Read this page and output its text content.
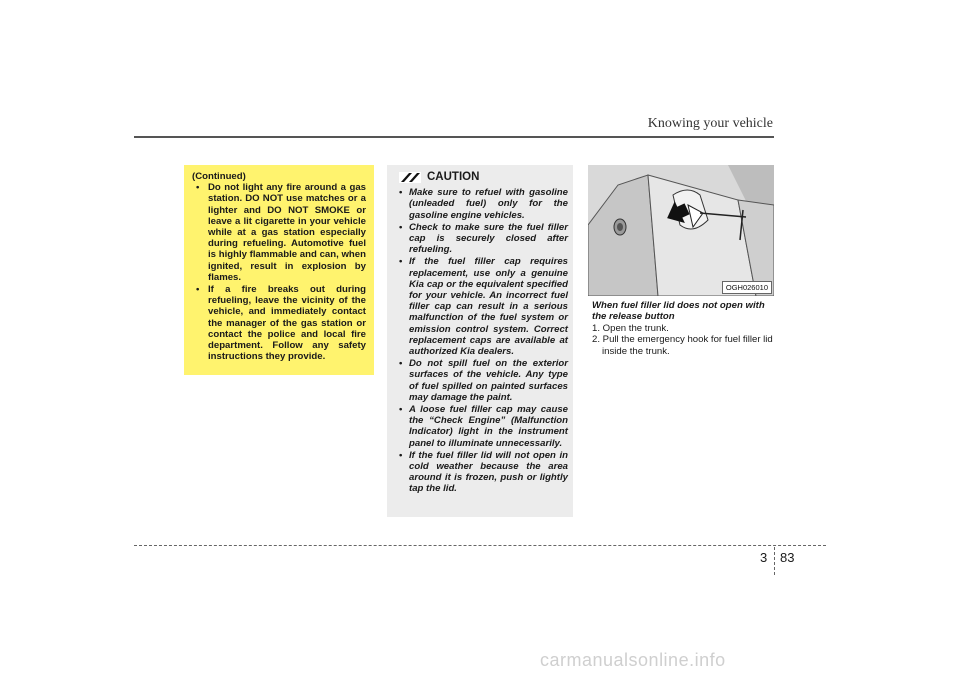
Knowing your vehicle
(Continued)
• Do not light any fire around a gas station. DO NOT use matches or a lighter and DO NOT SMOKE or leave a lit cigarette in your vehicle while at a gas station especially during refueling. Automotive fuel is highly flammable and can, when ignited, result in explosion by flames.
• If a fire breaks out during refueling, leave the vicinity of the vehicle, and immediately contact the manager of the gas station or contact the police and local fire department. Follow any safety instructions they provide.
CAUTION
• Make sure to refuel with gasoline (unleaded fuel) only for the gasoline engine vehicles.
• Check to make sure the fuel filler cap is securely closed after refueling.
• If the fuel filler cap requires replacement, use only a genuine Kia cap or the equivalent specified for your vehicle. An incorrect fuel filler cap can result in a serious malfunction of the fuel system or emission control system. Correct replacement caps are available at authorized Kia dealers.
• Do not spill fuel on the exterior surfaces of the vehicle. Any type of fuel spilled on painted surfaces may damage the paint.
• A loose fuel filler cap may cause the “Check Engine” (Malfunction Indicator) light in the instrument panel to illuminate unnecessarily.
• If the fuel filler lid will not open in cold weather because the area around it is frozen, push or lightly tap the lid.
OGH026010
When fuel filler lid does not open with the release button
1. Open the trunk.
2. Pull the emergency hook for fuel filler lid inside the trunk.
3 83
carmanualsonline.info
